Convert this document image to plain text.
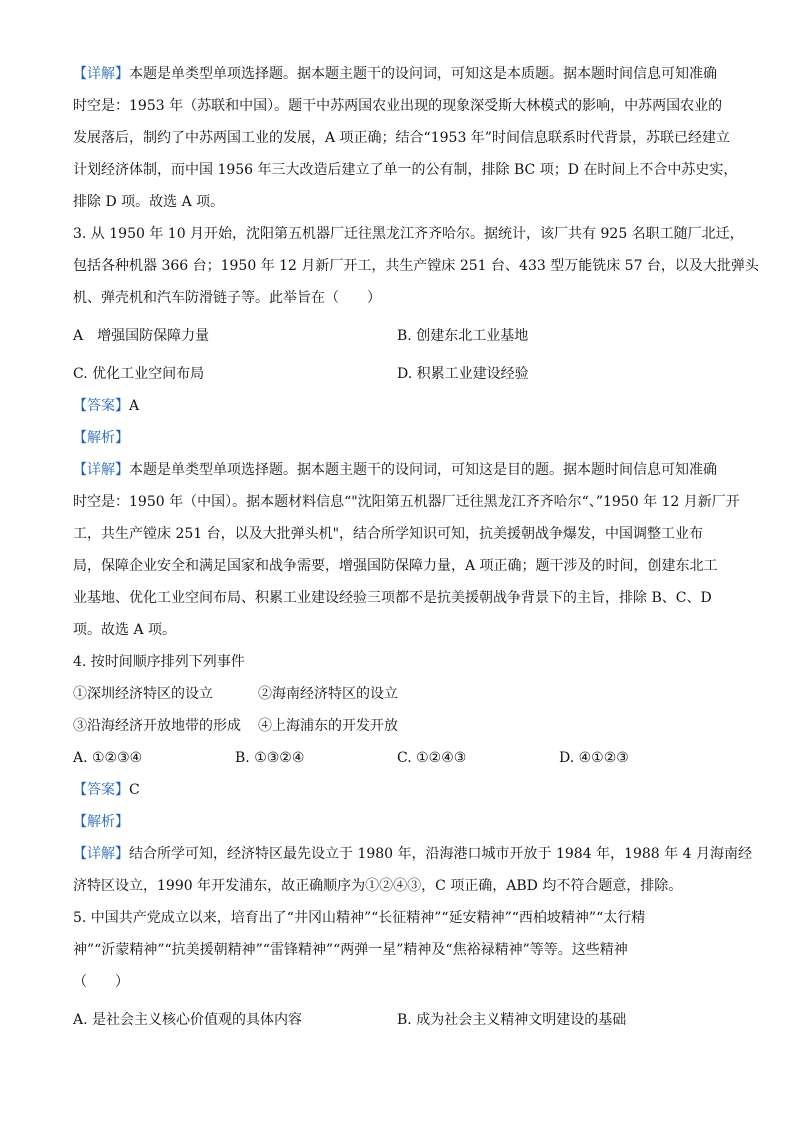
【详解】本题是单类型单项选择题。据本题主题干的设问词，可知这是本质题。据本题时间信息可知准确
时空是：1953 年（苏联和中国）。题干中苏两国农业出现的现象深受斯大林模式的影响，中苏两国农业的
发展落后，制约了中苏两国工业的发展，A 项正确；结合“1953 年”时间信息联系时代背景，苏联已经建立
计划经济体制，而中国 1956 年三大改造后建立了单一的公有制，排除 BC 项；D 在时间上不合中苏史实，
排除 D 项。故选 A 项。
3. 从 1950 年 10 月开始，沈阳第五机器厂迁往黑龙江齐齐哈尔。据统计，该厂共有 925 名职工随厂北迁，
包括各种机器 366 台；1950 年 12 月新厂开工，共生产镗床 251 台、433 型万能铣床 57 台，以及大批弹头
机、弹壳机和汽车防滑链子等。此举旨在（　　）
A　增强国防保障力量	B. 创建东北工业基地
C. 优化工业空间布局	D. 积累工业建设经验
【答案】A
【解析】
【详解】本题是单类型单项选择题。据本题主题干的设问词，可知这是目的题。据本题时间信息可知准确
时空是：1950 年（中国）。据本题材料信息“"沈阳第五机器厂迁往黑龙江齐齐哈尔“、”1950 年 12 月新厂开
工，共生产镗床 251 台，以及大批弹头机"，结合所学知识可知，抗美援朝战争爆发，中国调整工业布
局，保障企业安全和满足国家和战争需要，增强国防保障力量，A 项正确；题干涉及的时间，创建东北工
业基地、优化工业空间布局、积累工业建设经验三项都不是抗美援朝战争背景下的主旨，排除 B、C、D
项。故选 A 项。
4. 按时间顺序排列下列事件
①深圳经济特区的设立	②海南经济特区的设立
③沿海经济开放地带的形成	④上海浦东的开发开放
A. ①②③④	B. ①③②④	C. ①②④③	D. ④①②③
【答案】C
【解析】
【详解】结合所学可知，经济特区最先设立于 1980 年，沿海港口城市开放于 1984 年，1988 年 4 月海南经
济特区设立，1990 年开发浦东，故正确顺序为①②④③，C 项正确，ABD 均不符合题意，排除。
5. 中国共产党成立以来，培育出了“井冈山精神”“长征精神”“延安精神”“西柏坡精神”“太行精
神”“沂蒙精神”“抗美援朝精神”“雷锋精神”“两弹一星”精神及“焦裕禄精神”等等。这些精神
（　　）
A. 是社会主义核心价值观的具体内容	B. 成为社会主义精神文明建设的基础
